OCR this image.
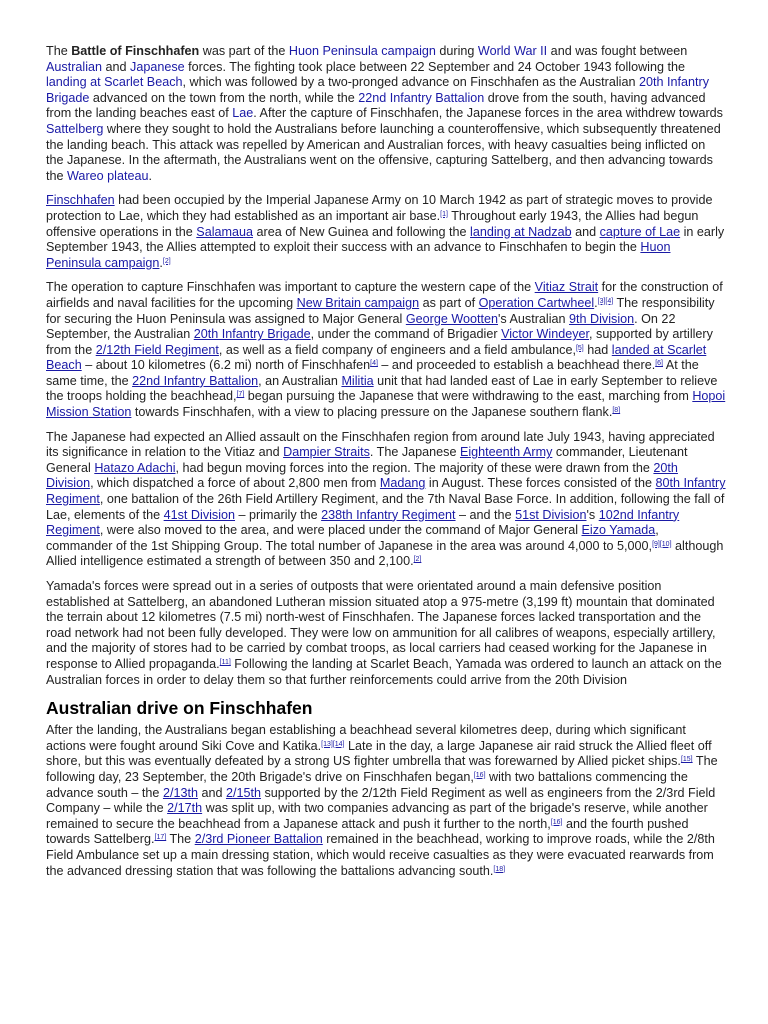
The Battle of Finschhafen was part of the Huon Peninsula campaign during World War II and was fought between Australian and Japanese forces. The fighting took place between 22 September and 24 October 1943 following the landing at Scarlet Beach, which was followed by a two-pronged advance on Finschhafen as the Australian 20th Infantry Brigade advanced on the town from the north, while the 22nd Infantry Battalion drove from the south, having advanced from the landing beaches east of Lae. After the capture of Finschhafen, the Japanese forces in the area withdrew towards Sattelberg where they sought to hold the Australians before launching a counteroffensive, which subsequently threatened the landing beach. This attack was repelled by American and Australian forces, with heavy casualties being inflicted on the Japanese. In the aftermath, the Australians went on the offensive, capturing Sattelberg, and then advancing towards the Wareo plateau.

Finschhafen had been occupied by the Imperial Japanese Army on 10 March 1942 as part of strategic moves to provide protection to Lae, which they had established as an important air base.[1] Throughout early 1943, the Allies had begun offensive operations in the Salamaua area of New Guinea and following the landing at Nadzab and capture of Lae in early September 1943, the Allies attempted to exploit their success with an advance to Finschhafen to begin the Huon Peninsula campaign.[2]

The operation to capture Finschhafen was important to capture the western cape of the Vitiaz Strait for the construction of airfields and naval facilities for the upcoming New Britain campaign as part of Operation Cartwheel.[3][4] The responsibility for securing the Huon Peninsula was assigned to Major General George Wootten's Australian 9th Division. On 22 September, the Australian 20th Infantry Brigade, under the command of Brigadier Victor Windeyer, supported by artillery from the 2/12th Field Regiment, as well as a field company of engineers and a field ambulance,[5] had landed at Scarlet Beach – about 10 kilometres (6.2 mi) north of Finschhafen[4] – and proceeded to establish a beachhead there.[6] At the same time, the 22nd Infantry Battalion, an Australian Militia unit that had landed east of Lae in early September to relieve the troops holding the beachhead,[7] began pursuing the Japanese that were withdrawing to the east, marching from Hopoi Mission Station towards Finschhafen, with a view to placing pressure on the Japanese southern flank.[8]

The Japanese had expected an Allied assault on the Finschhafen region from around late July 1943, having appreciated its significance in relation to the Vitiaz and Dampier Straits. The Japanese Eighteenth Army commander, Lieutenant General Hatazo Adachi, had begun moving forces into the region. The majority of these were drawn from the 20th Division, which dispatched a force of about 2,800 men from Madang in August. These forces consisted of the 80th Infantry Regiment, one battalion of the 26th Field Artillery Regiment, and the 7th Naval Base Force. In addition, following the fall of Lae, elements of the 41st Division – primarily the 238th Infantry Regiment – and the 51st Division's 102nd Infantry Regiment, were also moved to the area, and were placed under the command of Major General Eizo Yamada, commander of the 1st Shipping Group. The total number of Japanese in the area was around 4,000 to 5,000,[9][10] although Allied intelligence estimated a strength of between 350 and 2,100.[2]

Yamada's forces were spread out in a series of outposts that were orientated around a main defensive position established at Sattelberg, an abandoned Lutheran mission situated atop a 975-metre (3,199 ft) mountain that dominated the terrain about 12 kilometres (7.5 mi) north-west of Finschhafen. The Japanese forces lacked transportation and the road network had not been fully developed. They were low on ammunition for all calibres of weapons, especially artillery, and the majority of stores had to be carried by combat troops, as local carriers had ceased working for the Japanese in response to Allied propaganda.[11] Following the landing at Scarlet Beach, Yamada was ordered to launch an attack on the Australian forces in order to delay them so that further reinforcements could arrive from the 20th Division

Australian drive on Finschhafen

After the landing, the Australians began establishing a beachhead several kilometres deep, during which significant actions were fought around Siki Cove and Katika.[13][14] Late in the day, a large Japanese air raid struck the Allied fleet off shore, but this was eventually defeated by a strong US fighter umbrella that was forewarned by Allied picket ships.[15] The following day, 23 September, the 20th Brigade's drive on Finschhafen began,[16] with two battalions commencing the advance south – the 2/13th and 2/15th supported by the 2/12th Field Regiment as well as engineers from the 2/3rd Field Company – while the 2/17th was split up, with two companies advancing as part of the brigade's reserve, while another remained to secure the beachhead from a Japanese attack and push it further to the north,[16] and the fourth pushed towards Sattelberg.[17] The 2/3rd Pioneer Battalion remained in the beachhead, working to improve roads, while the 2/8th Field Ambulance set up a main dressing station, which would receive casualties as they were evacuated rearwards from the advanced dressing station that was following the battalions advancing south.[18]
